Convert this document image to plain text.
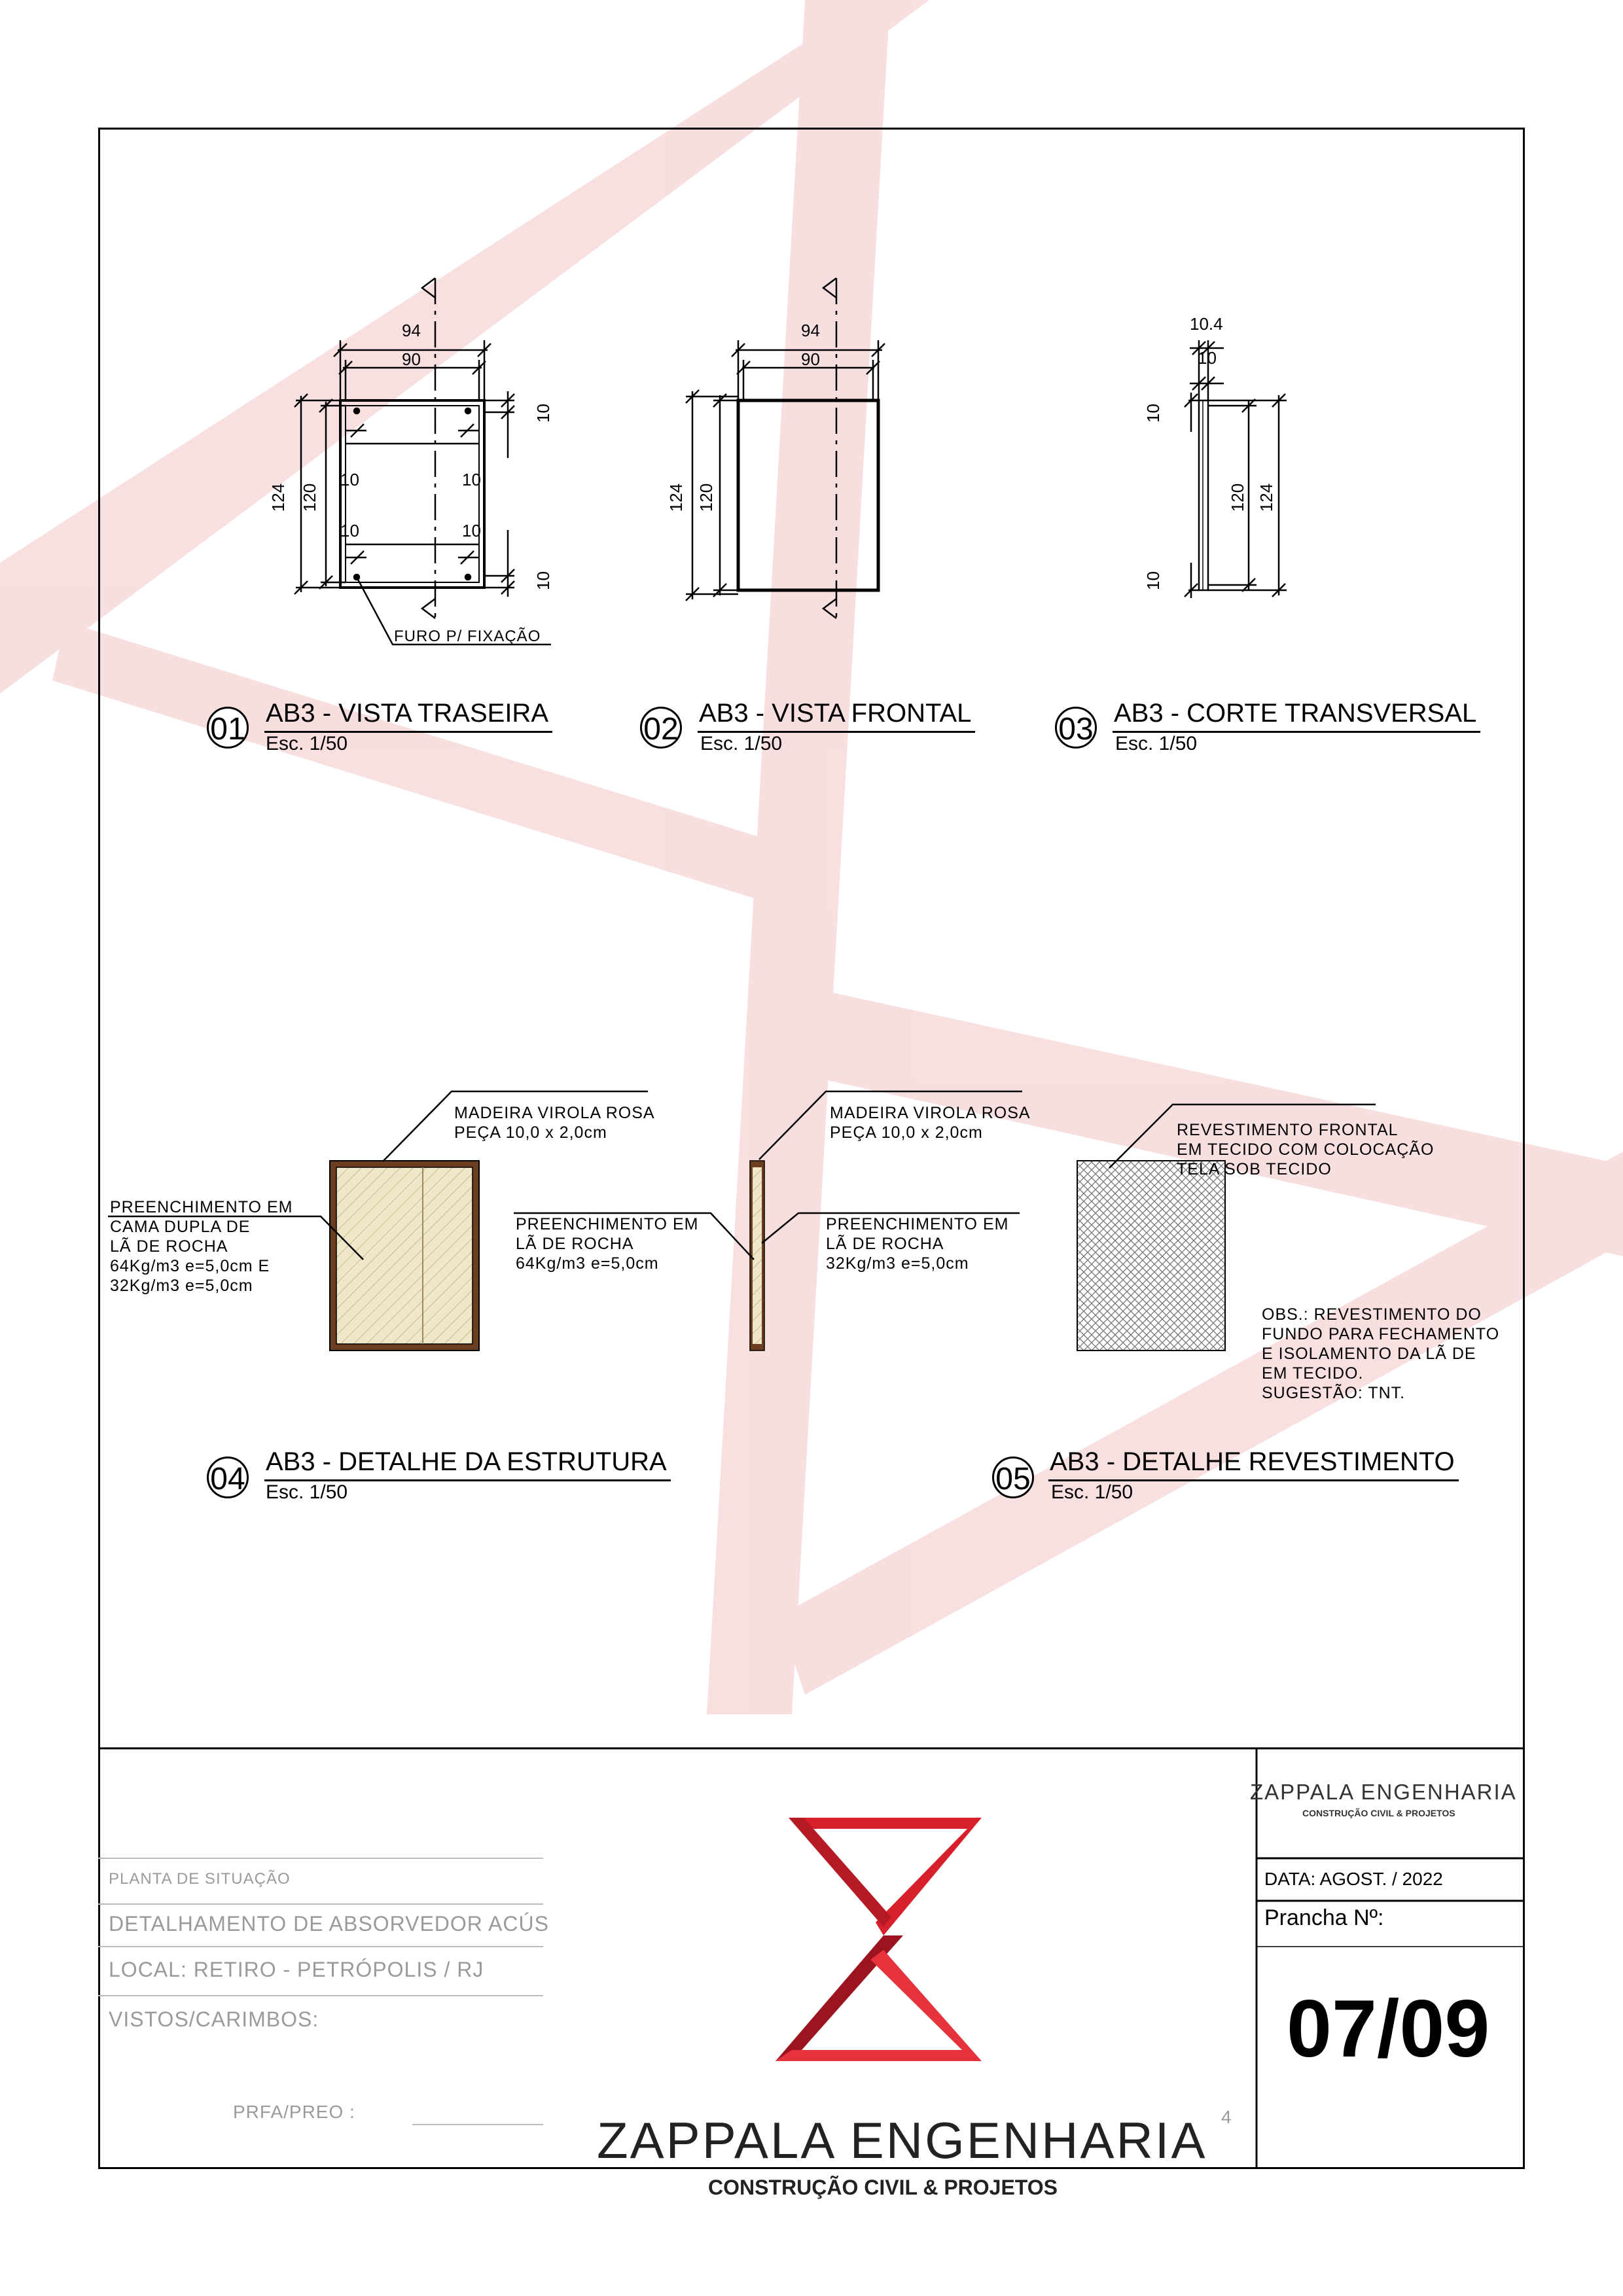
94
90
124 120
10
10
10
10
10
10
FURO P/ FIXAÇÃO
94
90
124 120
10.4
10
10
10
120 124
01 AB3 - VISTA TRASEIRA
Esc. 1/50	02 AB3 - VISTA FRONTAL
Esc. 1/50	03 AB3 - CORTE TRANSVERSAL
Esc. 1/50
04 AB3 - DETALHE DA ESTRUTURA
Esc. 1/50	05 AB3 - DETALHE REVESTIMENTO
Esc. 1/50

MADEIRA VIROLA ROSA
PEÇA 10,0 x 2,0cm

PREENCHIMENTO EM
CAMA DUPLA DE
LÃ DE ROCHA
64Kg/m3 e=5,0cm E
32Kg/m3 e=5,0cm

PREENCHIMENTO EM
LÃ DE ROCHA
64Kg/m3 e=5,0cm

MADEIRA VIROLA ROSA
PEÇA 10,0 x 2,0cm

PREENCHIMENTO EM
LÃ DE ROCHA
32Kg/m3 e=5,0cm

REVESTIMENTO FRONTAL
EM TECIDO COM COLOCAÇÃO
TELA SOB TECIDO

OBS.: REVESTIMENTO DO
FUNDO PARA FECHAMENTO
E ISOLAMENTO DA LÃ DE
EM TECIDO.
SUGESTÃO: TNT.

PLANTA DE SITUAÇÃO
DETALHAMENTO DE ABSORVEDOR ACÚS
LOCAL: RETIRO - PETRÓPOLIS / RJ
VISTOS/CARIMBOS:
PRFA/PREO :	4
ZAPPALA ENGENHARIA
CONSTRUÇÃO CIVIL & PROJETOS
DATA: AGOST. / 2022
Prancha Nº:
07/09
ZAPPALA ENGENHARIA
CONSTRUÇÃO CIVIL & PROJETOS
